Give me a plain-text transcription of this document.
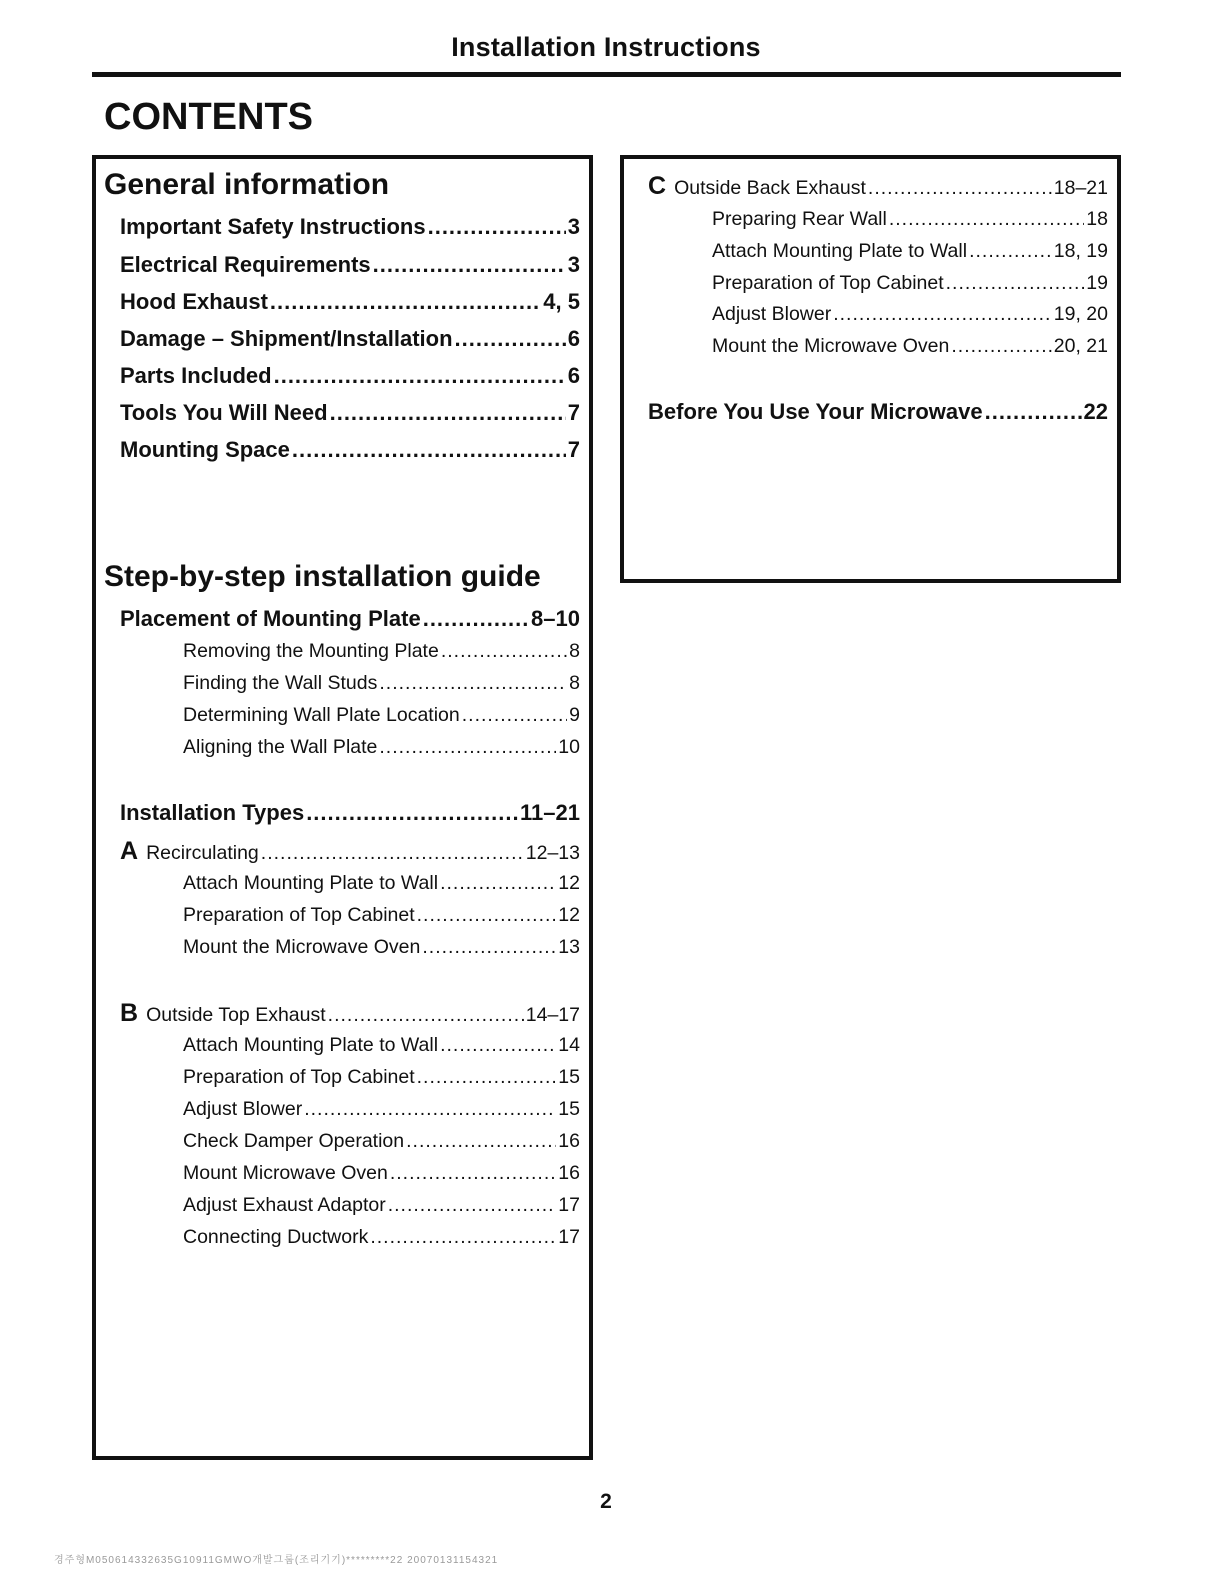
Installation Instructions
CONTENTS
General information
Step-by-step installation guide
Important Safety Instructions .....	3
Electrical Requirements .....	3
Hood Exhaust .....	4, 5
Damage – Shipment/Installation .....	6
Parts Included .....	6
Tools You Will Need .....	7
Mounting Space .....	7
Placement of Mounting Plate .....	8–10
Removing the Mounting Plate .....	8
Finding the Wall Studs .....	8
Determining Wall Plate Location .....	9
Aligning the Wall Plate .....	10
Installation Types .....	11–21
A Recirculating .....	12–13
Attach Mounting Plate to Wall .....	12
Preparation of Top Cabinet .....	12
Mount the Microwave Oven .....	13
B Outside Top Exhaust .....	14–17
Attach Mounting Plate to Wall .....	14
Preparation of Top Cabinet .....	15
Adjust Blower .....	15
Check Damper Operation .....	16
Mount Microwave Oven .....	16
Adjust Exhaust Adaptor .....	17
Connecting Ductwork .....	17
C Outside Back Exhaust .....	18–21
Preparing Rear Wall .....	18
Attach Mounting Plate to Wall .....	18, 19
Preparation of Top Cabinet .....	19
Adjust Blower .....	19, 20
Mount the Microwave Oven .....	20, 21
Before You Use Your Microwave .....	22
2
경주형M050614332635G10911GMWO개발그룹(조리기기)*********22 20070131154321
